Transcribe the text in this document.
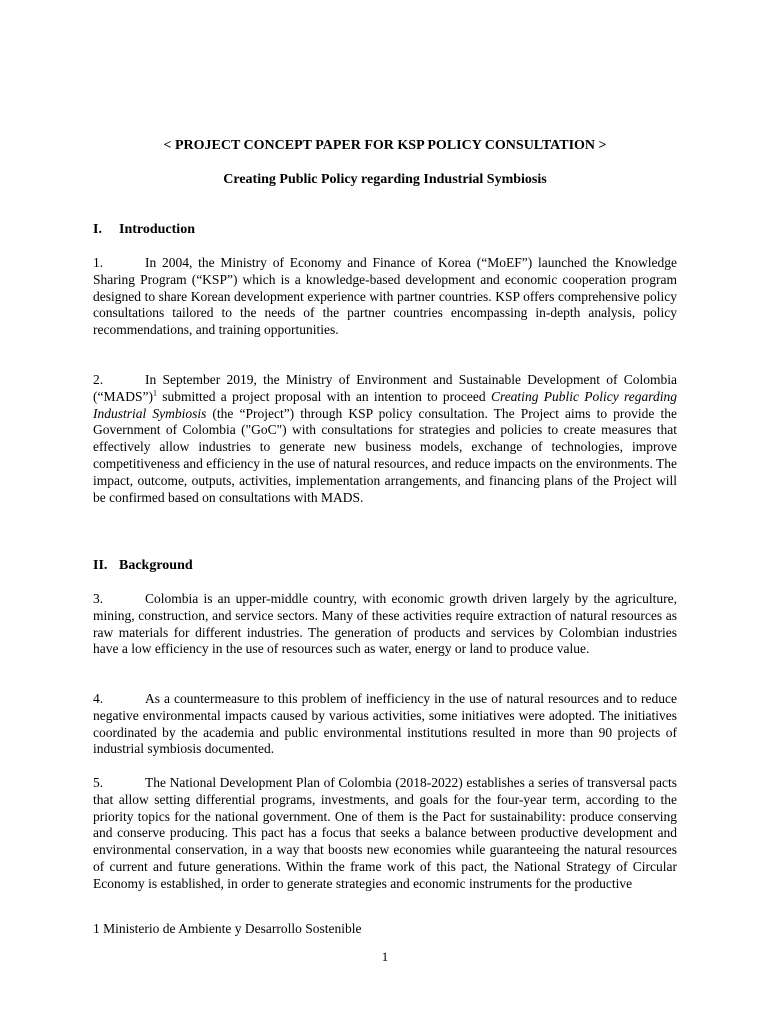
< PROJECT CONCEPT PAPER FOR KSP POLICY CONSULTATION >

Creating Public Policy regarding Industrial Symbiosis

I. Introduction

1.	In 2004, the Ministry of Economy and Finance of Korea (“MoEF”) launched the Knowledge Sharing Program (“KSP”) which is a knowledge-based development and economic cooperation program designed to share Korean development experience with partner countries. KSP offers comprehensive policy consultations tailored to the needs of the partner countries encompassing in-depth analysis, policy recommendations, and training opportunities.

2.	In September 2019, the Ministry of Environment and Sustainable Development of Colombia (“MADS”)$^1$ submitted a project proposal with an intention to proceed Creating Public Policy regarding Industrial Symbiosis (the “Project”) through KSP policy consultation. The Project aims to provide the Government of Colombia ("GoC") with consultations for strategies and policies to create measures that effectively allow industries to generate new business models, exchange of technologies, improve competitiveness and efficiency in the use of natural resources, and reduce impacts on the environments. The impact, outcome, outputs, activities, implementation arrangements, and financing plans of the Project will be confirmed based on consultations with MADS.

II. Background

3.	Colombia is an upper-middle country, with economic growth driven largely by the agriculture, mining, construction, and service sectors. Many of these activities require extraction of natural resources as raw materials for different industries. The generation of products and services by Colombian industries have a low efficiency in the use of resources such as water, energy or land to produce value.

4.	As a countermeasure to this problem of inefficiency in the use of natural resources and to reduce negative environmental impacts caused by various activities, some initiatives were adopted. The initiatives coordinated by the academia and public environmental institutions resulted in more than 90 projects of industrial symbiosis documented.

5.	The National Development Plan of Colombia (2018-2022) establishes a series of transversal pacts that allow setting differential programs, investments, and goals for the four-year term, according to the priority topics for the national government. One of them is the Pact for sustainability: produce conserving and conserve producing. This pact has a focus that seeks a balance between productive development and environmental conservation, in a way that boosts new economies while guaranteeing the natural resources of current and future generations. Within the frame work of this pact, the National Strategy of Circular Economy is established, in order to generate strategies and economic instruments for the productive

1 Ministerio de Ambiente y Desarrollo Sostenible

1
